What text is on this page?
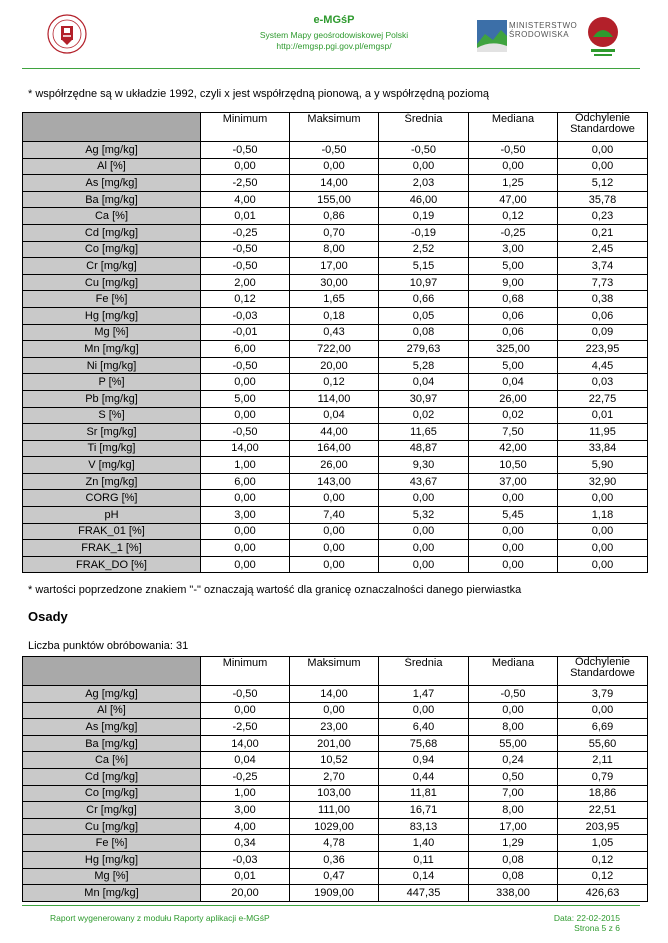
e-MGśP
System Mapy geośrodowiskowej Polski
http://emgsp.pgi.gov.pl/emgsp/
MINISTERSTWO
ŚRODOWISKA
* współrzędne są w układzie 1992, czyli x jest współrzędną pionową, a y współrzędną poziomą
	Minimum	Maksimum	Średnia	Mediana	Odchylenie
Standardowe

Ag [mg/kg]	-0,50	-0,50	-0,50	-0,50	0,00
Al [%]	0,00	0,00	0,00	0,00	0,00
As [mg/kg]	-2,50	14,00	2,03	1,25	5,12
Ba [mg/kg]	4,00	155,00	46,00	47,00	35,78
Ca [%]	0,01	0,86	0,19	0,12	0,23
Cd [mg/kg]	-0,25	0,70	-0,19	-0,25	0,21
Co [mg/kg]	-0,50	8,00	2,52	3,00	2,45
Cr [mg/kg]	-0,50	17,00	5,15	5,00	3,74
Cu [mg/kg]	2,00	30,00	10,97	9,00	7,73
Fe [%]	0,12	1,65	0,66	0,68	0,38
Hg [mg/kg]	-0,03	0,18	0,05	0,06	0,06
Mg [%]	-0,01	0,43	0,08	0,06	0,09
Mn [mg/kg]	6,00	722,00	279,63	325,00	223,95
Ni [mg/kg]	-0,50	20,00	5,28	5,00	4,45
P [%]	0,00	0,12	0,04	0,04	0,03
Pb [mg/kg]	5,00	114,00	30,97	26,00	22,75
S [%]	0,00	0,04	0,02	0,02	0,01
Sr [mg/kg]	-0,50	44,00	11,65	7,50	11,95
Ti [mg/kg]	14,00	164,00	48,87	42,00	33,84
V [mg/kg]	1,00	26,00	9,30	10,50	5,90
Zn [mg/kg]	6,00	143,00	43,67	37,00	32,90
CORG [%]	0,00	0,00	0,00	0,00	0,00
pH	3,00	7,40	5,32	5,45	1,18
FRAK_01 [%]	0,00	0,00	0,00	0,00	0,00
FRAK_1 [%]	0,00	0,00	0,00	0,00	0,00
FRAK_DO [%]	0,00	0,00	0,00	0,00	0,00
* wartości poprzedzone znakiem "-" oznaczają wartość dla granicę oznaczalności danego pierwiastka
Osady
Liczba punktów obróbowania: 31
	Minimum	Maksimum	Średnia	Mediana	Odchylenie
Standardowe

Ag [mg/kg]	-0,50	14,00	1,47	-0,50	3,79
Al [%]	0,00	0,00	0,00	0,00	0,00
As [mg/kg]	-2,50	23,00	6,40	8,00	6,69
Ba [mg/kg]	14,00	201,00	75,68	55,00	55,60
Ca [%]	0,04	10,52	0,94	0,24	2,11
Cd [mg/kg]	-0,25	2,70	0,44	0,50	0,79
Co [mg/kg]	1,00	103,00	11,81	7,00	18,86
Cr [mg/kg]	3,00	111,00	16,71	8,00	22,51
Cu [mg/kg]	4,00	1029,00	83,13	17,00	203,95
Fe [%]	0,34	4,78	1,40	1,29	1,05
Hg [mg/kg]	-0,03	0,36	0,11	0,08	0,12
Mg [%]	0,01	0,47	0,14	0,08	0,12
Mn [mg/kg]	20,00	1909,00	447,35	338,00	426,63
Raport wygenerowany z modułu Raporty aplikacji e-MGśP	Data: 22-02-2015
Strona 5 z 6
